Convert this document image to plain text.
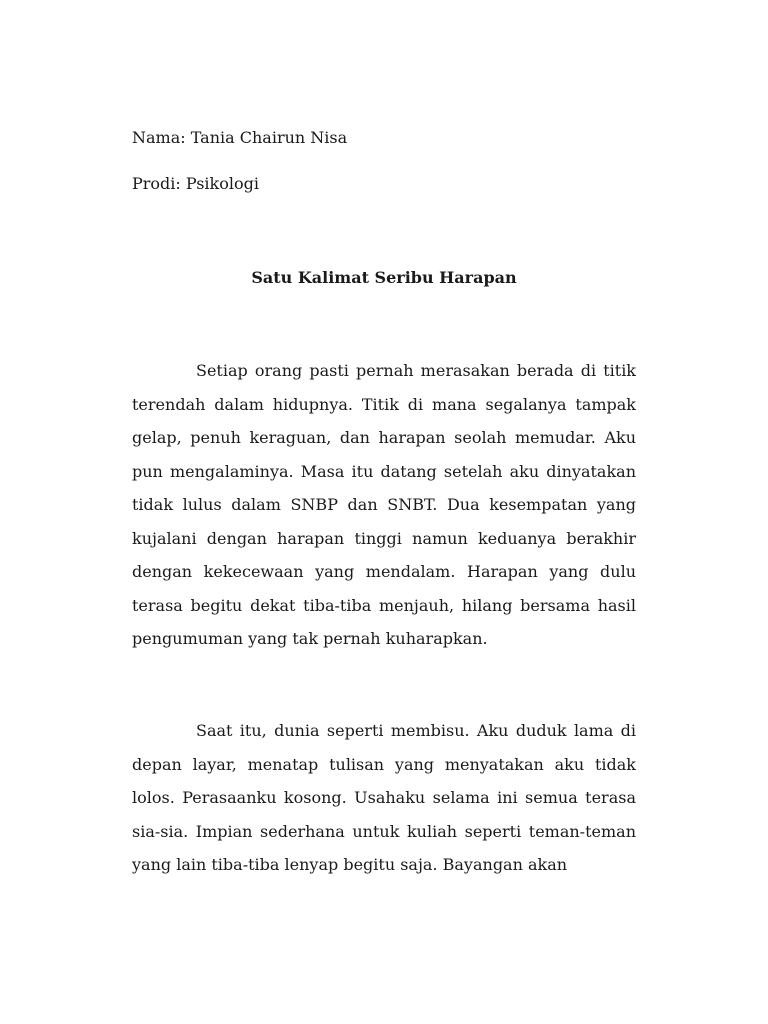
Nama: Tania Chairun Nisa
Prodi: Psikologi
Satu Kalimat Seribu Harapan

Setiap orang pasti pernah merasakan berada di titik terendah dalam hidupnya. Titik di mana segalanya tampak gelap, penuh keraguan, dan harapan seolah memudar. Aku pun mengalaminya. Masa itu datang setelah aku dinyatakan tidak lulus dalam SNBP dan SNBT. Dua kesempatan yang kujalani dengan harapan tinggi namun keduanya berakhir dengan kekecewaan yang mendalam. Harapan yang dulu terasa begitu dekat tiba-tiba menjauh, hilang bersama hasil pengumuman yang tak pernah kuharapkan.

Saat itu, dunia seperti membisu. Aku duduk lama di depan layar, menatap tulisan yang menyatakan aku tidak lolos. Perasaanku kosong. Usahaku selama ini semua terasa sia-sia. Impian sederhana untuk kuliah seperti teman-teman yang lain tiba-tiba lenyap begitu saja. Bayangan akan
